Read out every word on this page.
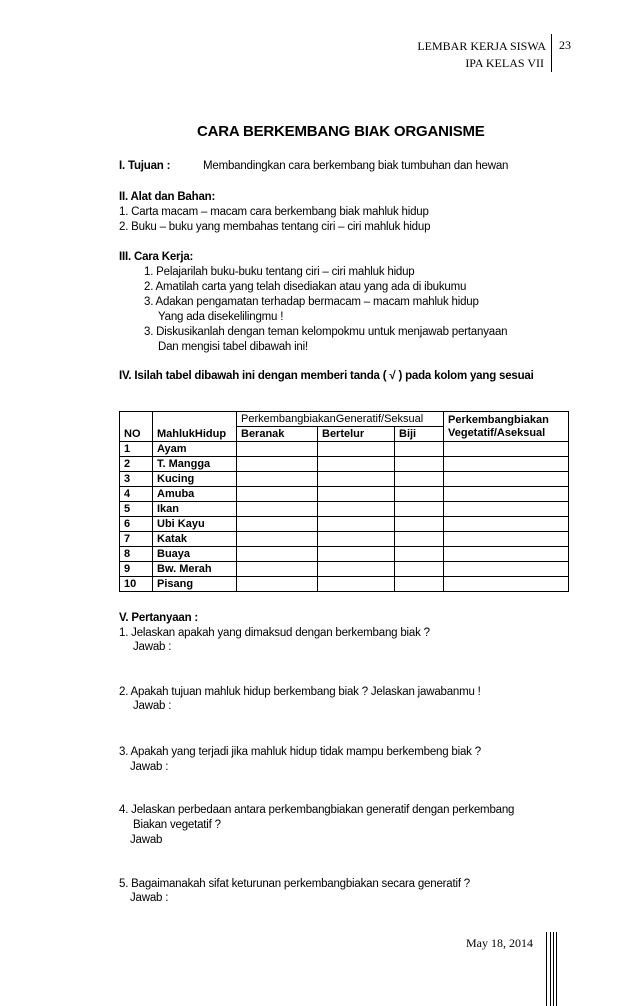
LEMBAR KERJA SISWA
IPA KELAS VII
23
CARA BERKEMBANG BIAK ORGANISME
I. Tujuan :	Membandingkan cara berkembang biak tumbuhan dan hewan
II. Alat dan Bahan:
1. Carta macam – macam cara berkembang biak mahluk hidup
2. Buku – buku yang membahas tentang ciri – ciri mahluk hidup
III. Cara Kerja:
1. Pelajarilah buku-buku tentang ciri – ciri mahluk hidup
2. Amatilah carta yang telah disediakan atau yang ada di ibukumu
3. Adakan pengamatan terhadap bermacam – macam mahluk hidup
Yang ada disekelilingmu !
3. Diskusikanlah dengan teman kelompokmu untuk menjawab pertanyaan
Dan mengisi tabel dibawah ini!
IV. Isilah tabel dibawah ini dengan memberi tanda ( √ ) pada kolom yang sesuai
NO	MahlukHidup	PerkembangbiakanGeneratif/Seksual			Perkembangbiakan
Vegetatif/Aseksual

		Beranak	Bertelur	Biji	
1	Ayam				
2	T. Mangga				
3	Kucing				
4	Amuba				
5	Ikan				
6	Ubi Kayu				
7	Katak				
8	Buaya				
9	Bw. Merah				
10	Pisang				
V. Pertanyaan :
1. Jelaskan apakah yang dimaksud dengan berkembang biak ?
Jawab :
2. Apakah tujuan mahluk hidup berkembang biak ? Jelaskan jawabanmu !
Jawab :
3. Apakah yang terjadi jika mahluk hidup tidak mampu berkembeng biak ?
Jawab :
4. Jelaskan perbedaan antara perkembangbiakan generatif dengan perkembang
Biakan vegetatif ?
Jawab
5. Bagaimanakah sifat keturunan perkembangbiakan secara generatif ?
Jawab :
May 18, 2014
